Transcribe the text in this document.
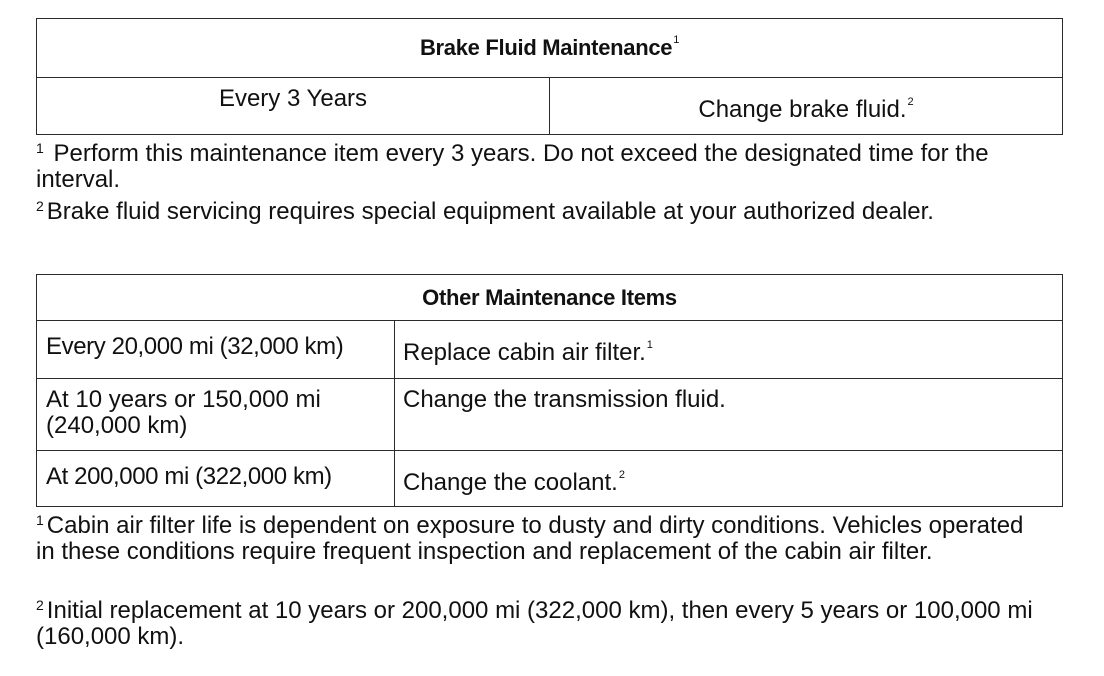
Brake Fluid Maintenance$^1$
Every 3 Years	Change brake fluid.$^2$
$^1$ Perform this maintenance item every 3 years. Do not exceed the designated time for the interval.
$^2$ Brake fluid servicing requires special equipment available at your authorized dealer.
Other Maintenance Items	
Every 20,000 mi (32,000 km)	Replace cabin air filter.$^1$
At 10 years or 150,000 mi (240,000 km)	Change the transmission fluid.
At 200,000 mi (322,000 km)	Change the coolant.$^2$
$^1$ Cabin air filter life is dependent on exposure to dusty and dirty conditions. Vehicles operated in these conditions require frequent inspection and replacement of the cabin air filter.
$^2$ Initial replacement at 10 years or 200,000 mi (322,000 km), then every 5 years or 100,000 mi (160,000 km).
